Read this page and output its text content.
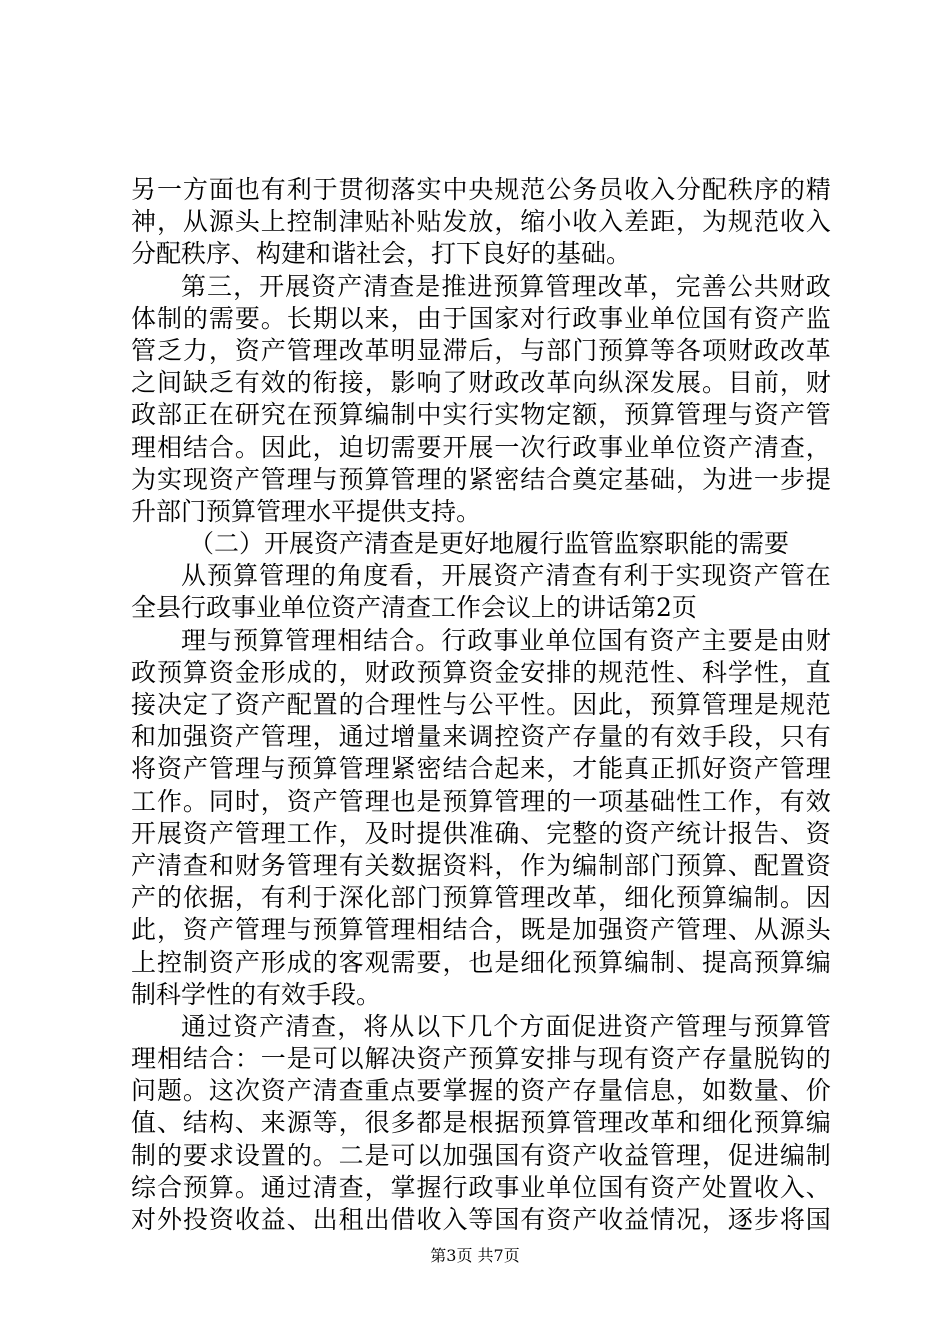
另 一 方 面 也 有 利 于 贯 彻 落 实 中 央 规 范 公 务 员 收 入 分 配 秩 序 的 精
神 ， 从 源 头 上 控 制 津 贴 补 贴 发 放 ， 缩 小 收 入 差 距 ， 为 规 范 收 入
分配秩序、构建和谐社会，打下良好的基础。
第 三 ， 开 展 资 产 清 查 是 推 进 预 算 管 理 改 革 ， 完 善 公 共 财 政
体 制 的 需 要 。 长 期 以 来 ， 由 于 国 家 对 行 政 事 业 单 位 国 有 资 产 监
管 乏 力 ， 资 产 管 理 改 革 明 显 滞 后 ， 与 部 门 预 算 等 各 项 财 政 改 革
之 间 缺 乏 有 效 的 衔 接 ， 影 响 了 财 政 改 革 向 纵 深 发 展 。 目 前 ， 财
政 部 正 在 研 究 在 预 算 编 制 中 实 行 实 物 定 额 ， 预 算 管 理 与 资 产 管
理 相 结 合 。 因 此 ， 迫 切 需 要 开 展 一 次 行 政 事 业 单 位 资 产 清 查 ，
为 实 现 资 产 管 理 与 预 算 管 理 的 紧 密 结 合 奠 定 基 础 ， 为 进 一 步 提
升部门预算管理水平提供支持。
（二）开展资产清查是更好地履行监管监察职能的需要
从 预 算 管 理 的 角 度 看 ， 开 展 资 产 清 查 有 利 于 实 现 资 产 管 在
全县行政事业单位资产清查工作会议上的讲话第2页
理 与 预 算 管 理 相 结 合 。 行 政 事 业 单 位 国 有 资 产 主 要 是 由 财
政 预 算 资 金 形 成 的 ， 财 政 预 算 资 金 安 排 的 规 范 性 、 科 学 性 ， 直
接 决 定 了 资 产 配 置 的 合 理 性 与 公 平 性 。 因 此 ， 预 算 管 理 是 规 范
和 加 强 资 产 管 理 ， 通 过 增 量 来 调 控 资 产 存 量 的 有 效 手 段 ， 只 有
将 资 产 管 理 与 预 算 管 理 紧 密 结 合 起 来 ， 才 能 真 正 抓 好 资 产 管 理
工 作 。 同 时 ， 资 产 管 理 也 是 预 算 管 理 的 一 项 基 础 性 工 作 ， 有 效
开 展 资 产 管 理 工 作 ， 及 时 提 供 准 确 、 完 整 的 资 产 统 计 报 告 、 资
产 清 查 和 财 务 管 理 有 关 数 据 资 料 ， 作 为 编 制 部 门 预 算 、 配 置 资
产 的 依 据 ， 有 利 于 深 化 部 门 预 算 管 理 改 革 ， 细 化 预 算 编 制 。 因
此 ， 资 产 管 理 与 预 算 管 理 相 结 合 ， 既 是 加 强 资 产 管 理 、 从 源 头
上 控 制 资 产 形 成 的 客 观 需 要 ， 也 是 细 化 预 算 编 制 、 提 高 预 算 编
制科学性的有效手段。
通 过 资 产 清 查 ， 将 从 以 下 几 个 方 面 促 进 资 产 管 理 与 预 算 管
理 相 结 合 ： 一 是 可 以 解 决 资 产 预 算 安 排 与 现 有 资 产 存 量 脱 钩 的
问 题 。 这 次 资 产 清 查 重 点 要 掌 握 的 资 产 存 量 信 息 ， 如 数 量 、 价
值 、 结 构 、 来 源 等 ， 很 多 都 是 根 据 预 算 管 理 改 革 和 细 化 预 算 编
制 的 要 求 设 置 的 。 二 是 可 以 加 强 国 有 资 产 收 益 管 理 ， 促 进 编 制
综 合 预 算 。 通 过 清 查 ， 掌 握 行 政 事 业 单 位 国 有 资 产 处 置 收 入 、
对 外 投 资 收 益 、 出 租 出 借 收 入 等 国 有 资 产 收 益 情 况 ， 逐 步 将 国
第3页 共7页
